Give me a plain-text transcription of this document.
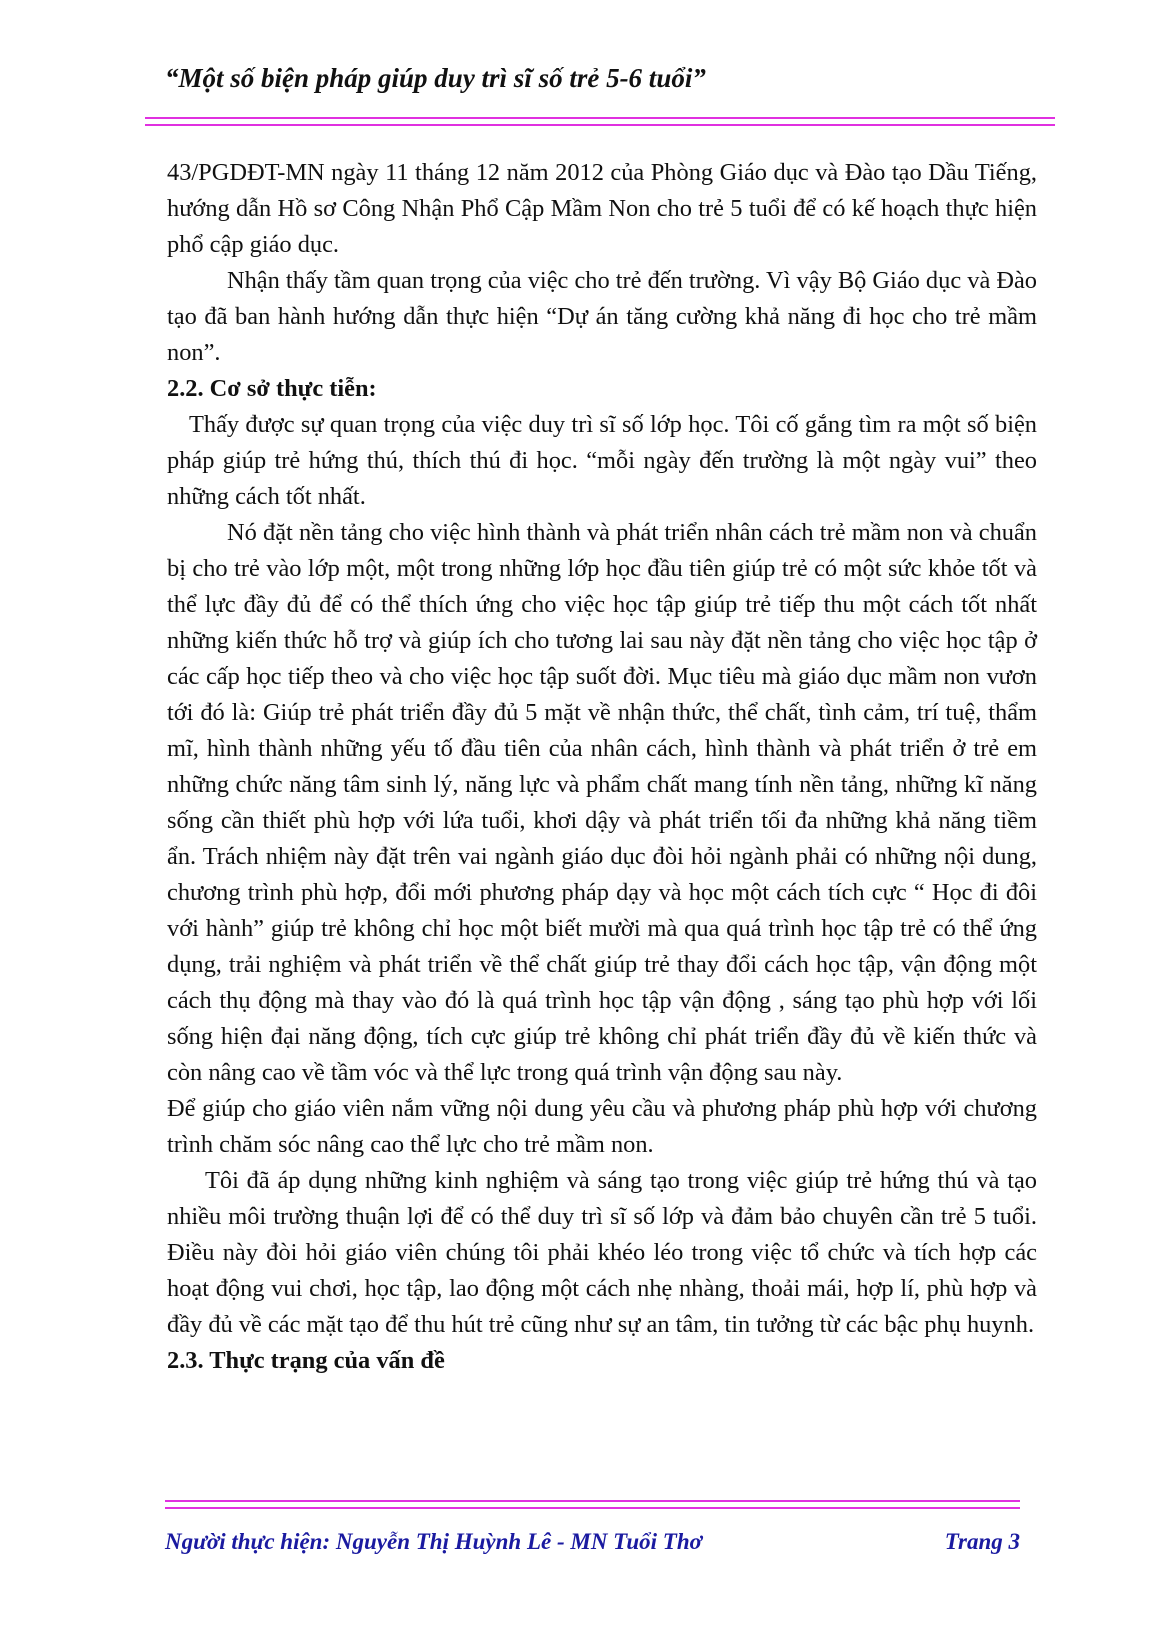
“Một số biện pháp giúp duy trì sĩ số trẻ 5-6 tuổi”

43/PGDĐT-MN ngày 11 tháng 12 năm 2012 của Phòng Giáo dục và Đào tạo Dầu Tiếng, hướng dẫn Hồ sơ Công Nhận Phổ Cập Mầm Non cho trẻ 5 tuổi để có kế hoạch thực hiện phổ cập giáo dục.

Nhận thấy tầm quan trọng của việc cho trẻ đến trường. Vì vậy Bộ Giáo dục và Đào tạo đã ban hành hướng dẫn thực hiện “Dự án tăng cường khả năng đi học cho trẻ mầm non”.

2.2. Cơ sở thực tiễn:

Thấy được sự quan trọng của việc duy trì sĩ số lớp học. Tôi cố gắng tìm ra một số biện pháp giúp trẻ hứng thú, thích thú đi học. “mỗi ngày đến trường là một ngày vui” theo những cách tốt nhất.

Nó đặt nền tảng cho việc hình thành và phát triển nhân cách trẻ mầm non và chuẩn bị cho trẻ vào lớp một, một trong những lớp học đầu tiên giúp trẻ có một sức khỏe tốt và thể lực đầy đủ để có thể thích ứng cho việc học tập giúp trẻ tiếp thu một cách tốt nhất những kiến thức hỗ trợ và giúp ích cho tương lai sau này đặt nền tảng cho việc học tập ở các cấp học tiếp theo và cho việc học tập suốt đời. Mục tiêu mà giáo dục mầm non vươn tới đó là: Giúp trẻ phát triển đầy đủ 5 mặt về nhận thức, thể chất, tình cảm, trí tuệ, thẩm mĩ, hình thành những yếu tố đầu tiên của nhân cách, hình thành và phát triển ở trẻ em những chức năng tâm sinh lý, năng lực và phẩm chất mang tính nền tảng, những kĩ năng sống cần thiết phù hợp với lứa tuổi, khơi dậy và phát triển tối đa những khả năng tiềm ẩn. Trách nhiệm này đặt trên vai ngành giáo dục đòi hỏi ngành phải có những nội dung, chương trình phù hợp, đổi mới phương pháp dạy và học một cách tích cực “ Học đi đôi với hành” giúp trẻ không chỉ học một biết mười mà qua quá trình học tập trẻ có thể ứng dụng, trải nghiệm và phát triển về thể chất giúp trẻ thay đổi cách học tập, vận động một cách thụ động mà thay vào đó là quá trình học tập vận động , sáng tạo phù hợp với lối sống hiện đại năng động, tích cực giúp trẻ không chỉ phát triển đầy đủ về kiến thức và còn nâng cao về tầm vóc và thể lực trong quá trình vận động sau này.

Để giúp cho giáo viên nắm vững nội dung yêu cầu và phương pháp phù hợp với chương trình chăm sóc nâng cao thể lực cho trẻ mầm non.

Tôi đã áp dụng những kinh nghiệm và sáng tạo trong việc giúp trẻ hứng thú và tạo nhiều môi trường thuận lợi để có thể duy trì sĩ số lớp và đảm bảo chuyên cần trẻ 5 tuổi. Điều này đòi hỏi giáo viên chúng tôi phải khéo léo trong việc tổ chức và tích hợp các hoạt động vui chơi, học tập, lao động một cách nhẹ nhàng, thoải mái, hợp lí, phù hợp và đầy đủ về các mặt tạo để thu hút trẻ cũng như sự an tâm, tin tưởng từ các bậc phụ huynh.

2.3. Thực trạng của vấn đề
Người thực hiện: Nguyễn Thị Huỳnh Lê - MN Tuổi Thơ	Trang 3
